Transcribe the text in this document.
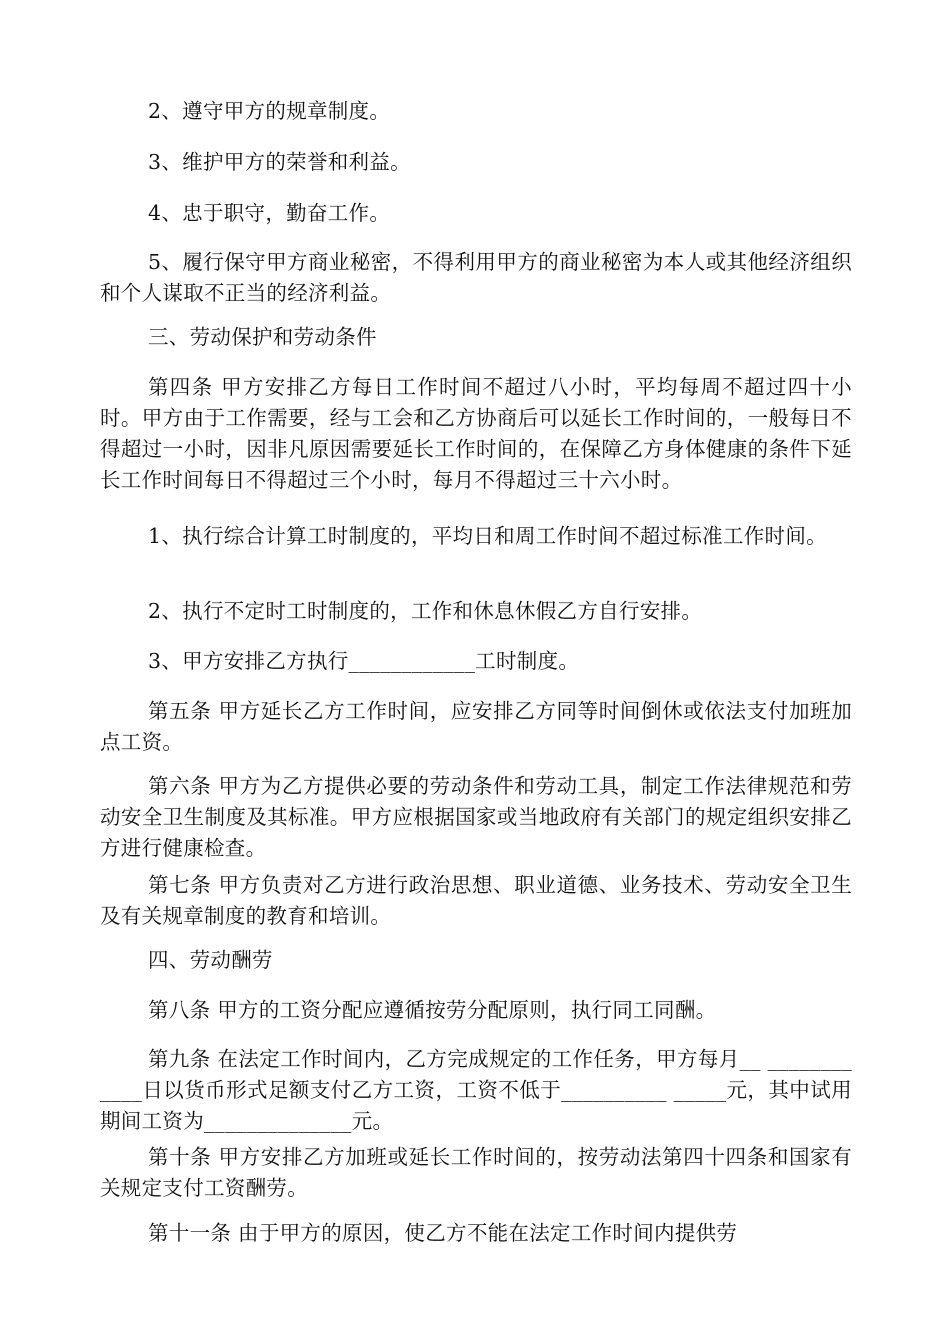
2、遵守甲方的规章制度。

3、维护甲方的荣誉和利益。

4、忠于职守，勤奋工作。

5、履行保守甲方商业秘密，不得利用甲方的商业秘密为本人或其他经济组织和个人谋取不正当的经济利益。

三、劳动保护和劳动条件

第四条 甲方安排乙方每日工作时间不超过八小时，平均每周不超过四十小时。甲方由于工作需要，经与工会和乙方协商后可以延长工作时间的，一般每日不得超过一小时，因非凡原因需要延长工作时间的，在保障乙方身体健康的条件下延长工作时间每日不得超过三个小时，每月不得超过三十六小时。

1、执行综合计算工时制度的，平均日和周工作时间不超过标准工作时间。

2、执行不定时工时制度的，工作和休息休假乙方自行安排。

3、甲方安排乙方执行____________工时制度。

第五条 甲方延长乙方工作时间，应安排乙方同等时间倒休或依法支付加班加点工资。

第六条 甲方为乙方提供必要的劳动条件和劳动工具，制定工作法律规范和劳动安全卫生制度及其标准。甲方应根据国家或当地政府有关部门的规定组织安排乙方进行健康检查。

第七条 甲方负责对乙方进行政治思想、职业道德、业务技术、劳动安全卫生及有关规章制度的教育和培训。

四、劳动酬劳

第八条 甲方的工资分配应遵循按劳分配原则，执行同工同酬。

第九条 在法定工作时间内，乙方完成规定的工作任务，甲方每月__ ____________日以货币形式足额支付乙方工资，工资不低于__________ _____元，其中试用期间工资为______________元。

第十条 甲方安排乙方加班或延长工作时间的，按劳动法第四十四条和国家有关规定支付工资酬劳。

第十一条 由于甲方的原因，使乙方不能在法定工作时间内提供劳
